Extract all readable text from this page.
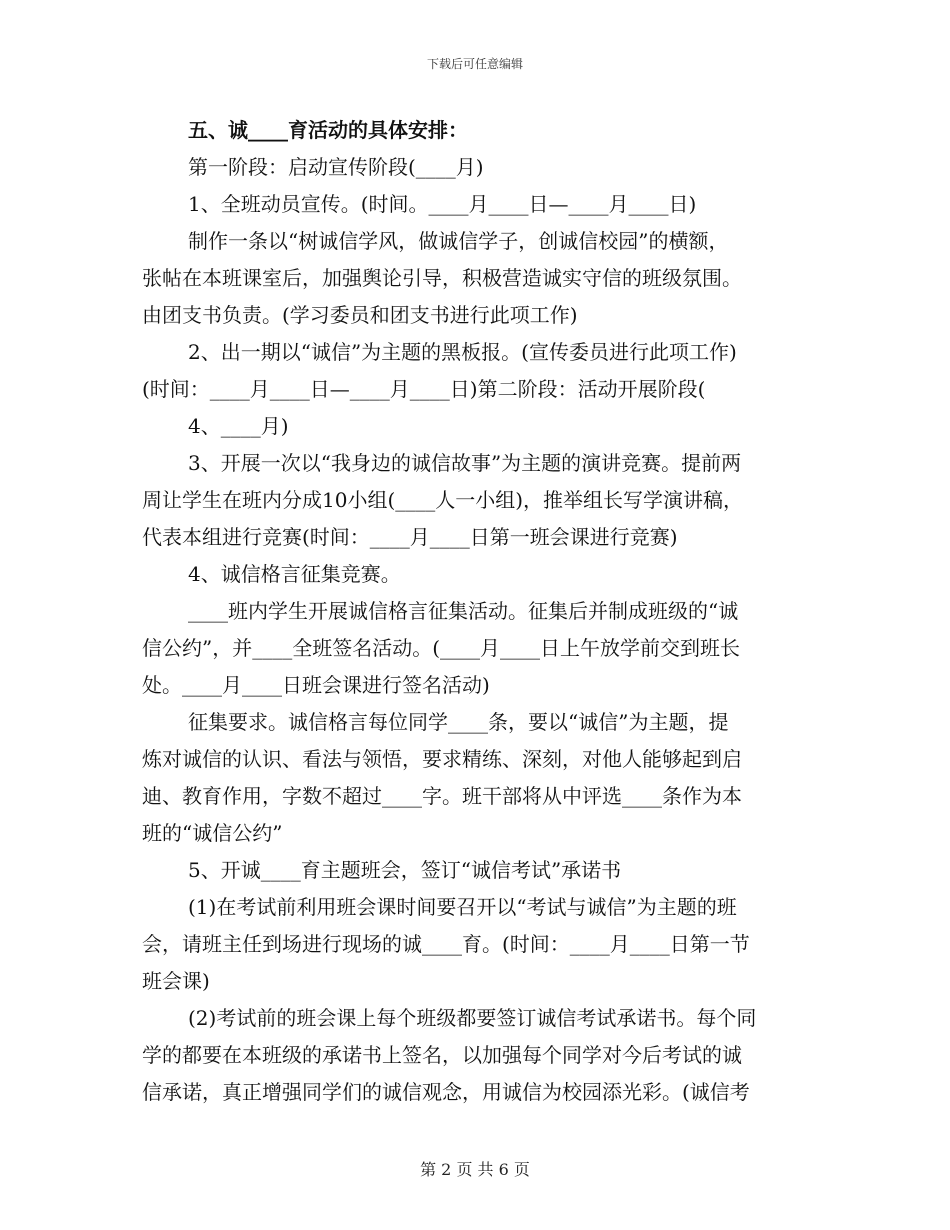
下载后可任意编辑
五、诚____育活动的具体安排：
第一阶段：启动宣传阶段(____月)
1、全班动员宣传。(时间。____月____日—____月____日)
制作一条以“树诚信学风，做诚信学子，创诚信校园”的横额，
张帖在本班课室后，加强舆论引导，积极营造诚实守信的班级氛围。
由团支书负责。(学习委员和团支书进行此项工作)
2、出一期以“诚信”为主题的黑板报。(宣传委员进行此项工作)
(时间：____月____日—____月____日)第二阶段：活动开展阶段(
4、____月)
3、开展一次以“我身边的诚信故事”为主题的演讲竞赛。提前两
周让学生在班内分成10小组(____人一小组)，推举组长写学演讲稿，
代表本组进行竞赛(时间：____月____日第一班会课进行竞赛)
4、诚信格言征集竞赛。
____班内学生开展诚信格言征集活动。征集后并制成班级的“诚
信公约”，并____全班签名活动。(____月____日上午放学前交到班长
处。____月____日班会课进行签名活动)
征集要求。诚信格言每位同学____条，要以“诚信”为主题，提
炼对诚信的认识、看法与领悟，要求精练、深刻，对他人能够起到启
迪、教育作用，字数不超过____字。班干部将从中评选____条作为本
班的“诚信公约”
5、开诚____育主题班会，签订“诚信考试”承诺书
(1)在考试前利用班会课时间要召开以“考试与诚信”为主题的班
会，请班主任到场进行现场的诚____育。(时间：____月____日第一节
班会课)
(2)考试前的班会课上每个班级都要签订诚信考试承诺书。每个同
学的都要在本班级的承诺书上签名，以加强每个同学对今后考试的诚
信承诺，真正增强同学们的诚信观念，用诚信为校园添光彩。(诚信考
第 2 页 共 6 页
